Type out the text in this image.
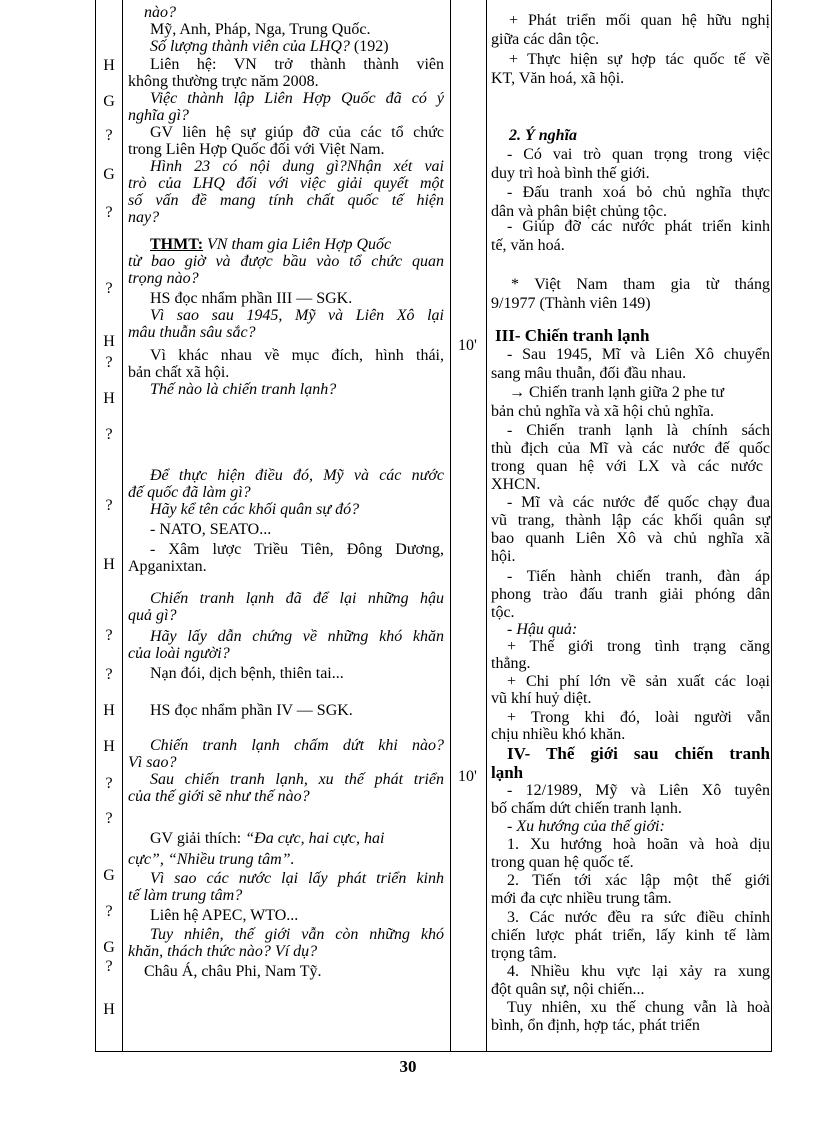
H
G
?
G
?
?
H
?
H
?
?
H
?
?
H
H
?
?
G
?
G
?
H
nào?
Mỹ, Anh, Pháp, Nga, Trung Quốc.
Số lượng thành viên của LHQ? (192)
Liên hệ: VN trở thành thành viên
không thường trực năm 2008.
Việc thành lập Liên Hợp Quốc đã có ý
nghĩa gì?
GV liên hệ sự giúp đỡ của các tổ chức
trong Liên Hợp Quốc đối với Việt Nam.
Hình 23 có nội dung gì?Nhận xét vai
trò của LHQ đối với việc giải quyết một
số vấn đề mang tính chất quốc tế hiện
nay?
THMT: VN tham gia Liên Hợp Quốc
từ bao giờ và được bầu vào tổ chức quan
trọng nào?
HS đọc nhẩm phần III — SGK.
Vì sao sau 1945, Mỹ và Liên Xô lại
mâu thuẫn sâu sắc?
Vì khác nhau về mục đích, hình thái,
bản chất xã hội.
Thế nào là chiến tranh lạnh?
Để thực hiện điều đó, Mỹ và các nước
đế quốc đã làm gì?
Hãy kể tên các khối quân sự đó?
- NATO, SEATO...
- Xâm lược Triều Tiên, Đông Dương,
Apganixtan.
Chiến tranh lạnh đã để lại những hậu
quả gì?
Hãy lấy dẫn chứng về những khó khăn
của loài người?
Nạn đói, dịch bệnh, thiên tai...
HS đọc nhẩm phần IV — SGK.
Chiến tranh lạnh chấm dứt khi nào?
Vì sao?
Sau chiến tranh lạnh, xu thế phát triển
của thế giới sẽ như thế nào?
GV giải thích: “Đa cực, hai cực, hai
cực”, “Nhiều trung tâm”.
Vì sao các nước lại lấy phát triển kinh
tế làm trung tâm?
Liên hệ APEC, WTO...
Tuy nhiên, thế giới vẫn còn những khó
khăn, thách thức nào? Ví dụ?
Châu Á, châu Phi, Nam Tỹ.
10'
10'
+ Phát triển mối quan hệ hữu nghị
giữa các dân tộc.
+ Thực hiện sự hợp tác quốc tế về
KT, Văn hoá, xã hội.
2. Ý nghĩa
- Có vai trò quan trọng trong việc
duy trì hoà bình thế giới.
- Đấu tranh xoá bỏ chủ nghĩa thực
dân và phân biệt chủng tộc.
- Giúp đỡ các nước phát triển kinh
tế, văn hoá.
* Việt Nam tham gia từ tháng
9/1977 (Thành viên 149)
III- Chiến tranh lạnh
- Sau 1945, Mĩ và Liên Xô chuyển
sang mâu thuẫn, đối đầu nhau.
→ Chiến tranh lạnh giữa 2 phe tư
bản chủ nghĩa và xã hội chủ nghĩa.
- Chiến tranh lạnh là chính sách
thù địch của Mĩ và các nước đế quốc
trong quan hệ với LX và các nước
XHCN.
- Mĩ và các nước đế quốc chạy đua
vũ trang, thành lập các khối quân sự
bao quanh Liên Xô và chủ nghĩa xã
hội.
- Tiến hành chiến tranh, đàn áp
phong trào đấu tranh giải phóng dân
tộc.
- Hậu quả:
+ Thế giới trong tình trạng căng
thẳng.
+ Chi phí lớn về sản xuất các loại
vũ khí huỷ diệt.
+ Trong khi đó, loài người vẫn
chịu nhiều khó khăn.
IV- Thế giới sau chiến tranh
lạnh
- 12/1989, Mỹ và Liên Xô tuyên
bố chấm dứt chiến tranh lạnh.
- Xu hướng của thế giới:
1. Xu hướng hoà hoãn và hoà dịu
trong quan hệ quốc tế.
2. Tiến tới xác lập một thế giới
mới đa cực nhiều trung tâm.
3. Các nước đều ra sức điều chỉnh
chiến lược phát triển, lấy kinh tế làm
trọng tâm.
4. Nhiều khu vực lại xảy ra xung
đột quân sự, nội chiến...
Tuy nhiên, xu thế chung vẫn là hoà
bình, ổn định, hợp tác, phát triển
30
